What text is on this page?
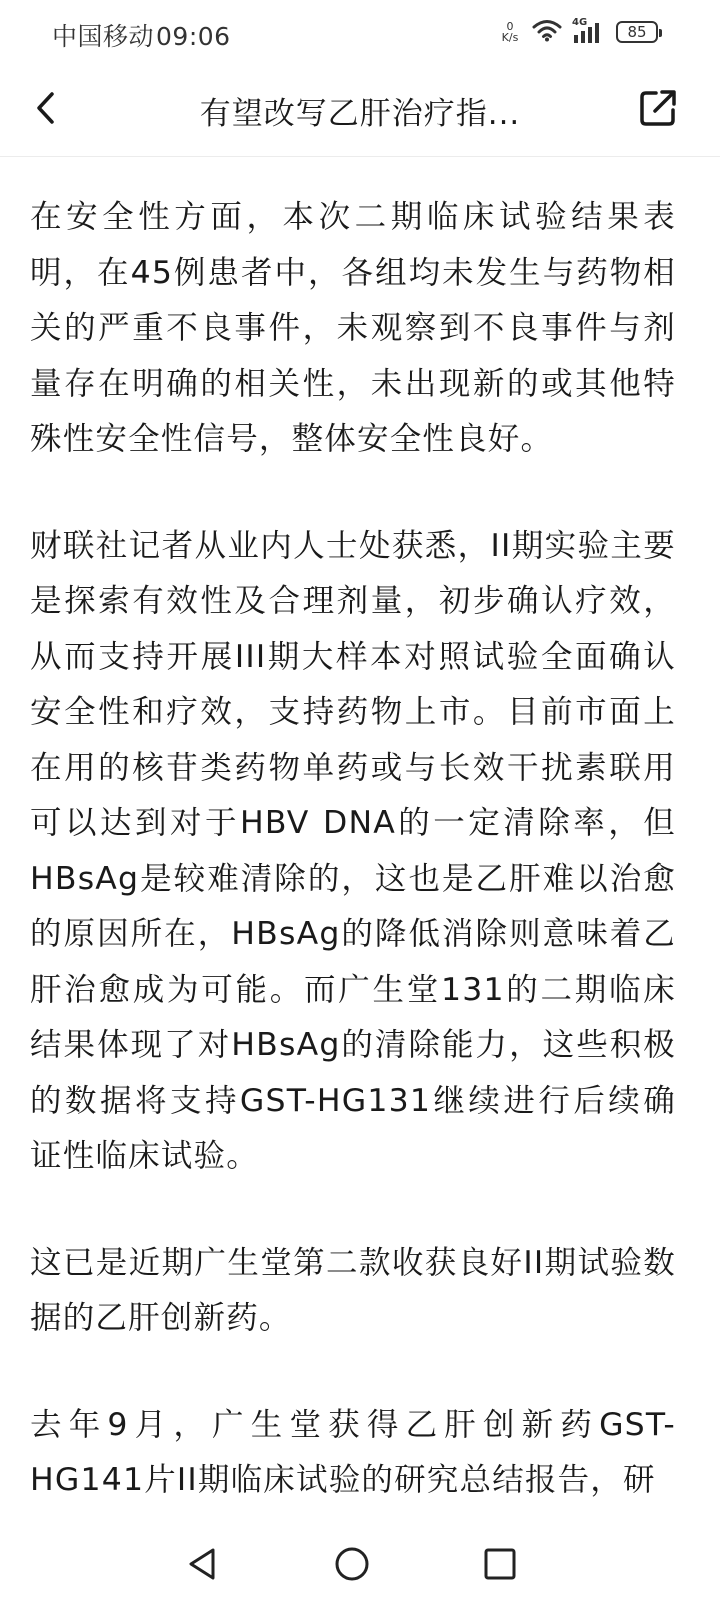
中国移动09:06	0
K/s
4G
85
有望改写乙肝治疗指...

在安全性方面，本次二期临床试验结果表明，在45例患者中，各组均未发生与药物相关的严重不良事件，未观察到不良事件与剂量存在明确的相关性，未出现新的或其他特殊性安全性信号，整体安全性良好。

财联社记者从业内人士处获悉，II期实验主要是探索有效性及合理剂量，初步确认疗效，从而支持开展III期大样本对照试验全面确认安全性和疗效，支持药物上市。目前市面上在用的核苷类药物单药或与长效干扰素联用可以达到对于HBV DNA的一定清除率，但HBsAg是较难清除的，这也是乙肝难以治愈的原因所在，HBsAg的降低消除则意味着乙肝治愈成为可能。而广生堂131的二期临床结果体现了对HBsAg的清除能力，这些积极的数据将支持GST-HG131继续进行后续确证性临床试验。

这已是近期广生堂第二款收获良好II期试验数据的乙肝创新药。

去年9月，广生堂获得乙肝创新药GST-HG141片II期临床试验的研究总结报告，研
